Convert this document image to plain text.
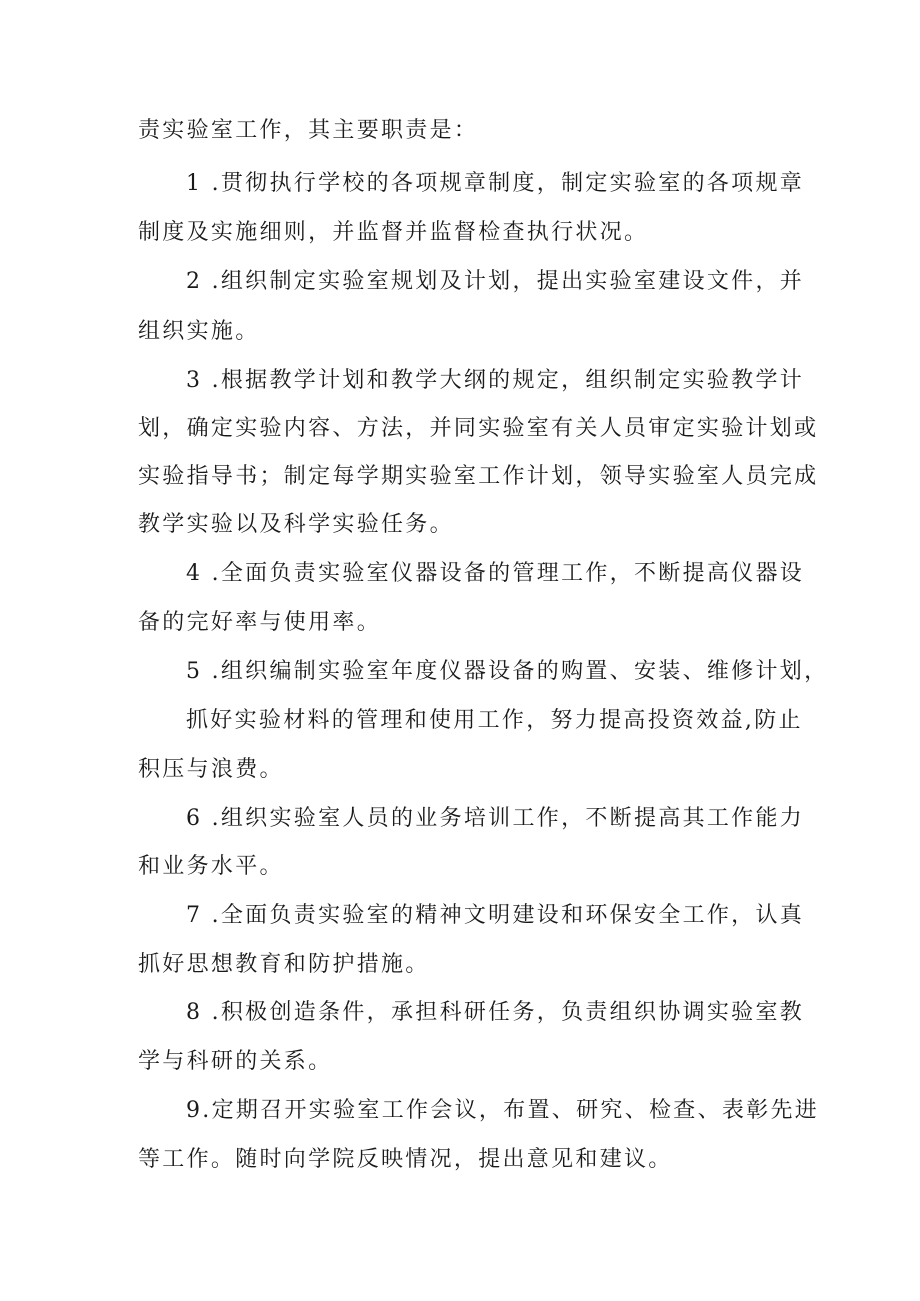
责实验室工作，其主要职责是：
1 .贯彻执行学校的各项规章制度，制定实验室的各项规章
制度及实施细则，并监督并监督检查执行状况。
2 .组织制定实验室规划及计划，提出实验室建设文件，并
组织实施。
3 .根据教学计划和教学大纲的规定，组织制定实验教学计
划，确定实验内容、方法，并同实验室有关人员审定实验计划或
实验指导书；制定每学期实验室工作计划，领导实验室人员完成
教学实验以及科学实验任务。
4 .全面负责实验室仪器设备的管理工作，不断提高仪器设
备的完好率与使用率。
5 .组织编制实验室年度仪器设备的购置、安装、维修计划，
抓好实验材料的管理和使用工作，努力提高投资效益,防止
积压与浪费。
6 .组织实验室人员的业务培训工作，不断提高其工作能力
和业务水平。
7 .全面负责实验室的精神文明建设和环保安全工作，认真
抓好思想教育和防护措施。
8 .积极创造条件，承担科研任务，负责组织协调实验室教
学与科研的关系。
9.定期召开实验室工作会议，布置、研究、检查、表彰先进
等工作。随时向学院反映情况，提出意见和建议。
